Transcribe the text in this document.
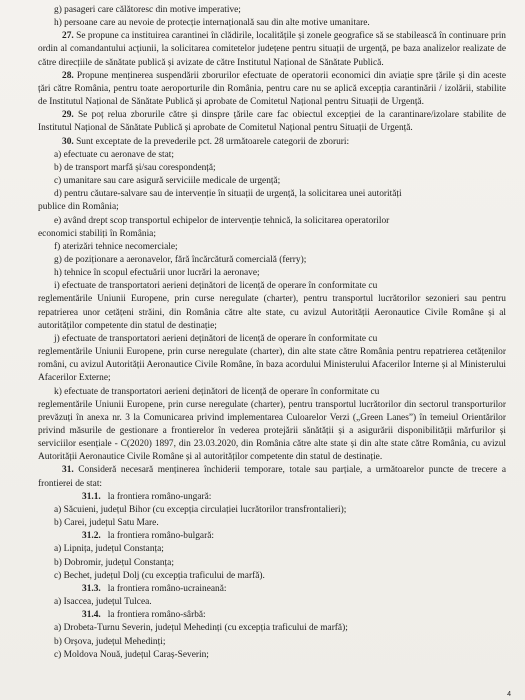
g) pasageri care călătoresc din motive imperative;

h) persoane care au nevoie de protecție internațională sau din alte motive umanitare.

27. Se propune ca instituirea carantinei în clădirile, localitățile și zonele geografice să se stabilească în continuare prin ordin al comandantului acțiunii, la solicitarea comitetelor județene pentru situații de urgență, pe baza analizelor realizate de către direcțiile de sănătate publică și avizate de către Institutul Național de Sănătate Publică.

28. Propune menținerea suspendării zborurilor efectuate de operatorii economici din aviație spre țările și din aceste țări către România, pentru toate aeroporturile din România, pentru care nu se aplică excepția carantinării / izolării, stabilite de Institutul Național de Sănătate Publică și aprobate de Comitetul Național pentru Situații de Urgență.

29. Se poț relua zborurile către și dinspre țările care fac obiectul excepției de la carantinare/izolare stabilite de Institutul Național de Sănătate Publică și aprobate de Comitetul Național pentru Situații de Urgență.

30. Sunt exceptate de la prevederile pct. 28 următoarele categorii de zboruri:

a) efectuate cu aeronave de stat;

b) de transport marfă și/sau corespondență;

c) umanitare sau care asigură serviciile medicale de urgență;

d) pentru căutare-salvare sau de intervenție în situații de urgență, la solicitarea unei autorități

publice din România;

e) având drept scop transportul echipelor de intervenție tehnică, la solicitarea operatorilor

economici stabiliți în România;

f) aterizări tehnice necomerciale;

g) de poziționare a aeronavelor, fără încărcătură comercială (ferry);

h) tehnice în scopul efectuării unor lucrări la aeronave;

i) efectuate de transportatori aerieni deținători de licență de operare în conformitate cu

reglementările Uniunii Europene, prin curse neregulate (charter), pentru transportul lucrătorilor sezonieri sau pentru repatrierea unor cetățeni străini, din România către alte state, cu avizul Autorității Aeronautice Civile Române și al autorităților competente din statul de destinație;

j) efectuate de transportatori aerieni deținători de licență de operare în conformitate cu

reglementările Uniunii Europene, prin curse neregulate (charter), din alte state către România pentru repatrierea cetățenilor români, cu avizul Autorității Aeronautice Civile Române, în baza acordului Ministerului Afacerilor Interne și al Ministerului Afacerilor Externe;

k) efectuate de transportatori aerieni deținători de licență de operare în conformitate cu

reglementările Uniunii Europene, prin curse neregulate (charter), pentru transportul lucrătorilor din sectorul transporturilor prevăzuți în anexa nr. 3 la Comunicarea privind implementarea Culoarelor Verzi („Green Lanes”) în temeiul Orientărilor privind măsurile de gestionare a frontierelor în vederea protejării sănătății și a asigurării disponibilității mărfurilor și serviciilor esențiale - C(2020) 1897, din 23.03.2020, din România către alte state și din alte state către România, cu avizul Autorității Aeronautice Civile Române și al autorităților competente din statul de destinație.

31. Consideră necesară menținerea închiderii temporare, totale sau parțiale, a următoarelor puncte de trecere a frontierei de stat:

31.1. la frontiera româno-ungară:

a) Săcuieni, județul Bihor (cu excepția circulației lucrătorilor transfrontalieri);

b) Carei, județul Satu Mare.

31.2. la frontiera româno-bulgară:

a) Lipnița, județul Constanța;

b) Dobromir, județul Constanța;

c) Bechet, județul Dolj (cu excepția traficului de marfă).

31.3. la frontiera româno-ucraineană:

a) Isaccea, județul Tulcea.

31.4. la frontiera româno-sârbă:

a) Drobeta-Turnu Severin, județul Mehedinți (cu excepția traficului de marfă);

b) Orșova, județul Mehedinți;

c) Moldova Nouă, județul Caraș-Severin;

4
